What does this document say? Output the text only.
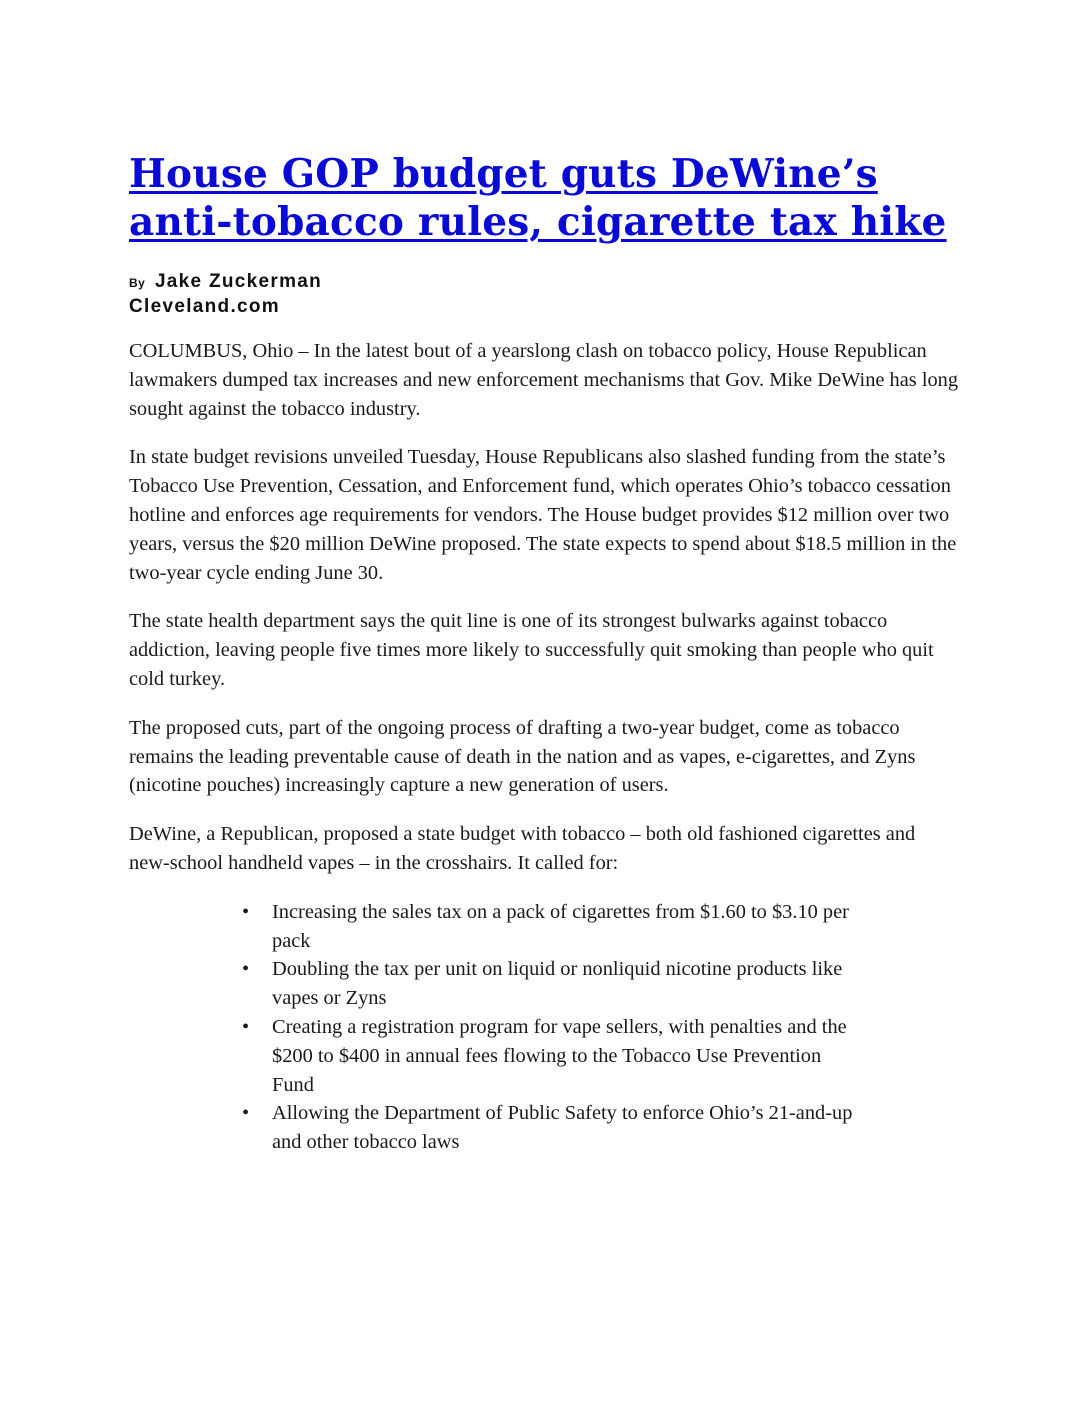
House GOP budget guts DeWine’s anti-tobacco rules, cigarette tax hike
By Jake Zuckerman
Cleveland.com

COLUMBUS, Ohio – In the latest bout of a yearslong clash on tobacco policy, House Republican lawmakers dumped tax increases and new enforcement mechanisms that Gov. Mike DeWine has long sought against the tobacco industry.

In state budget revisions unveiled Tuesday, House Republicans also slashed funding from the state’s Tobacco Use Prevention, Cessation, and Enforcement fund, which operates Ohio’s tobacco cessation hotline and enforces age requirements for vendors. The House budget provides $12 million over two years, versus the $20 million DeWine proposed. The state expects to spend about $18.5 million in the two-year cycle ending June 30.

The state health department says the quit line is one of its strongest bulwarks against tobacco addiction, leaving people five times more likely to successfully quit smoking than people who quit cold turkey.

The proposed cuts, part of the ongoing process of drafting a two-year budget, come as tobacco remains the leading preventable cause of death in the nation and as vapes, e-cigarettes, and Zyns (nicotine pouches) increasingly capture a new generation of users.

DeWine, a Republican, proposed a state budget with tobacco – both old fashioned cigarettes and new-school handheld vapes – in the crosshairs. It called for:

• Increasing the sales tax on a pack of cigarettes from $1.60 to $3.10 per pack
• Doubling the tax per unit on liquid or nonliquid nicotine products like vapes or Zyns
• Creating a registration program for vape sellers, with penalties and the $200 to $400 in annual fees flowing to the Tobacco Use Prevention Fund
• Allowing the Department of Public Safety to enforce Ohio’s 21-and-up and other tobacco laws
